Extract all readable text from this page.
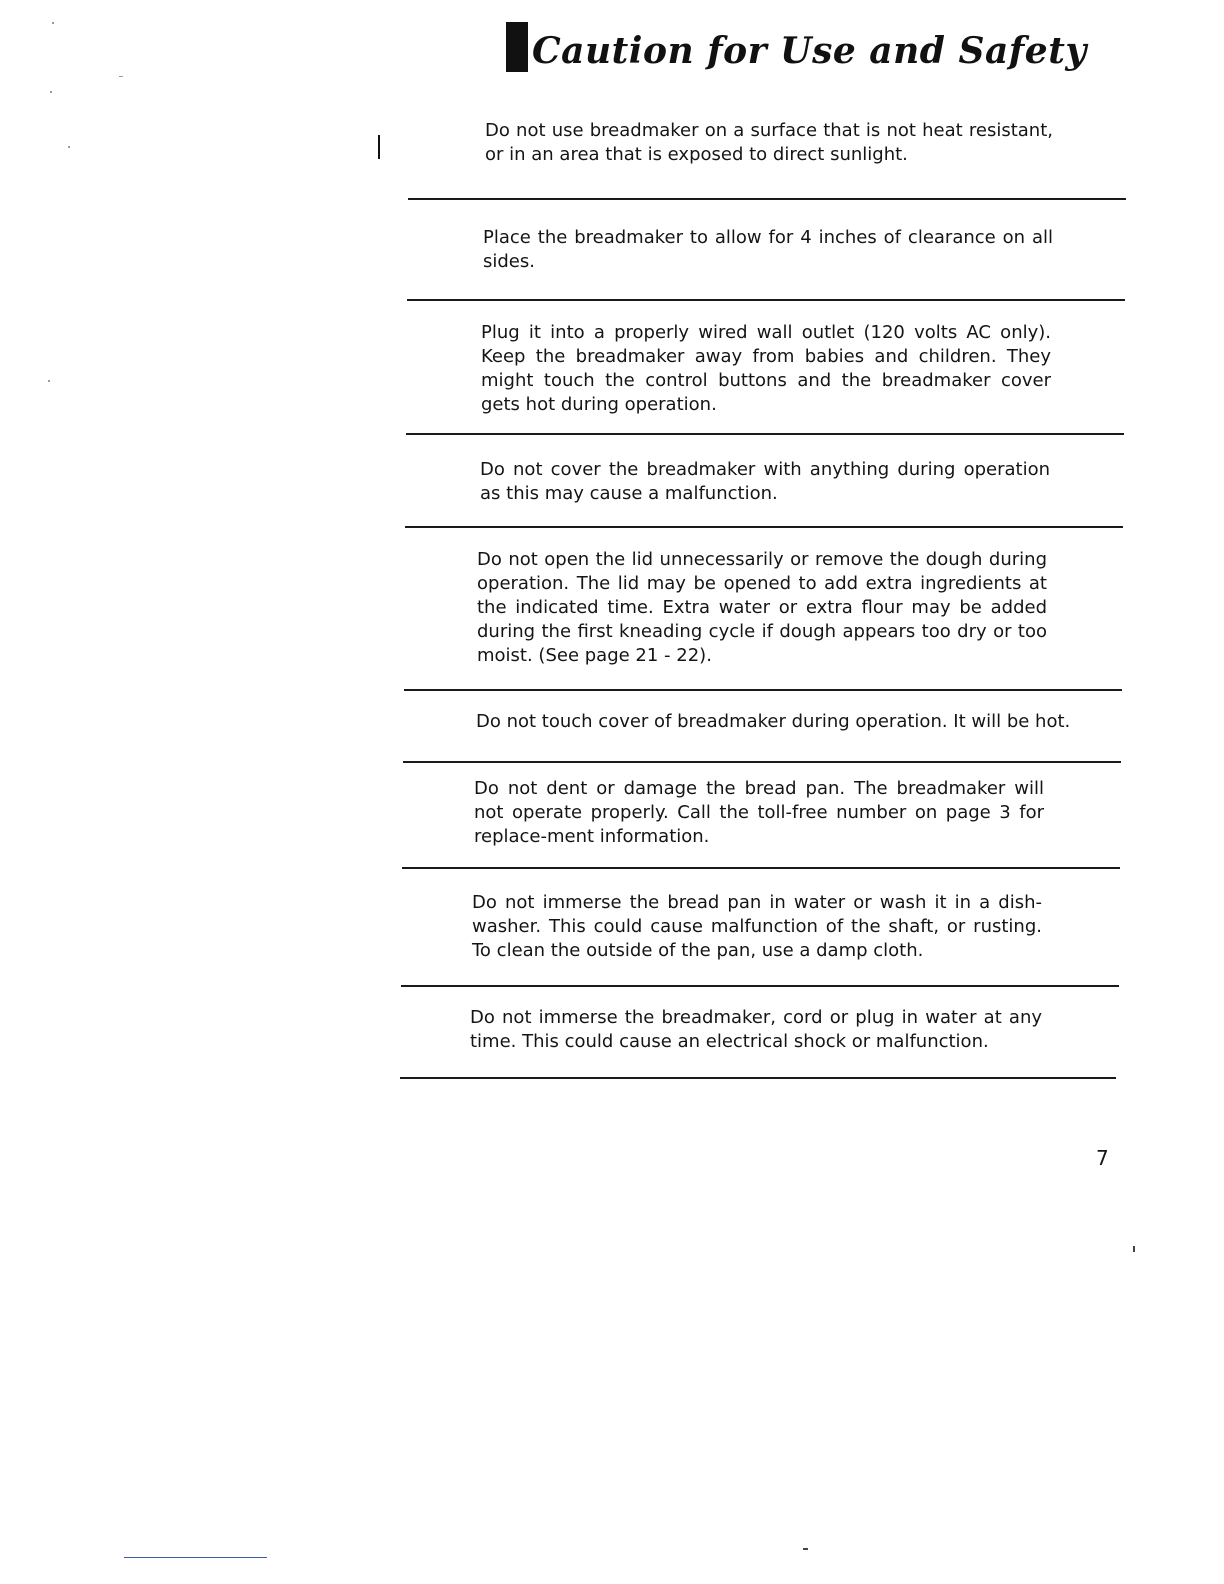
Caution for Use and Safety

Do not use breadmaker on a surface that is not heat resistant, or in an area that is exposed to direct sunlight.

Place the breadmaker to allow for 4 inches of clearance on all sides.

Plug it into a properly wired wall outlet (120 volts AC only). Keep the breadmaker away from babies and children. They might touch the control buttons and the breadmaker cover gets hot during operation.

Do not cover the breadmaker with anything during operation as this may cause a malfunction.

Do not open the lid unnecessarily or remove the dough during operation. The lid may be opened to add extra ingredients at the indicated time. Extra water or extra flour may be added during the first kneading cycle if dough appears too dry or too moist. (See page 21 - 22).

Do not touch cover of breadmaker during operation. It will be hot.

Do not dent or damage the bread pan. The breadmaker will not operate properly. Call the toll-free number on page 3 for replace-ment information.

Do not immerse the bread pan in water or wash it in a dish-washer. This could cause malfunction of the shaft, or rusting. To clean the outside of the pan, use a damp cloth.

Do not immerse the breadmaker, cord or plug in water at any time. This could cause an electrical shock or malfunction.

7
